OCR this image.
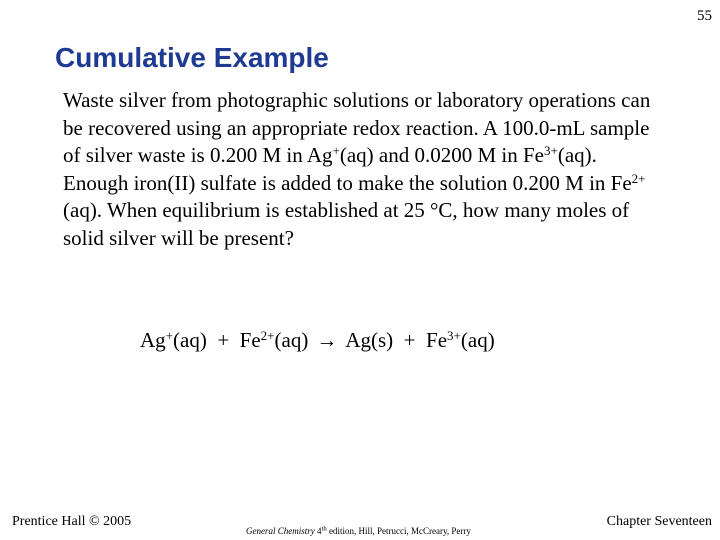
55
Cumulative Example
Waste silver from photographic solutions or laboratory operations can be recovered using an appropriate redox reaction. A 100.0-mL sample of silver waste is 0.200 M in Ag+(aq) and 0.0200 M in $Fe^{3+}(aq)$. Enough iron(II) sulfate is added to make the solution 0.200 M in $Fe^{2+}(aq)$. When equilibrium is established at 25 °C, how many moles of solid silver will be present?
$Ag^+(aq) + Fe^{2+}(aq) \to Ag(s) + Fe^{3+}(aq)$
Prentice Hall © 2005
General Chemistry 4th edition, Hill, Petrucci, McCreary, Perry
Chapter Seventeen
